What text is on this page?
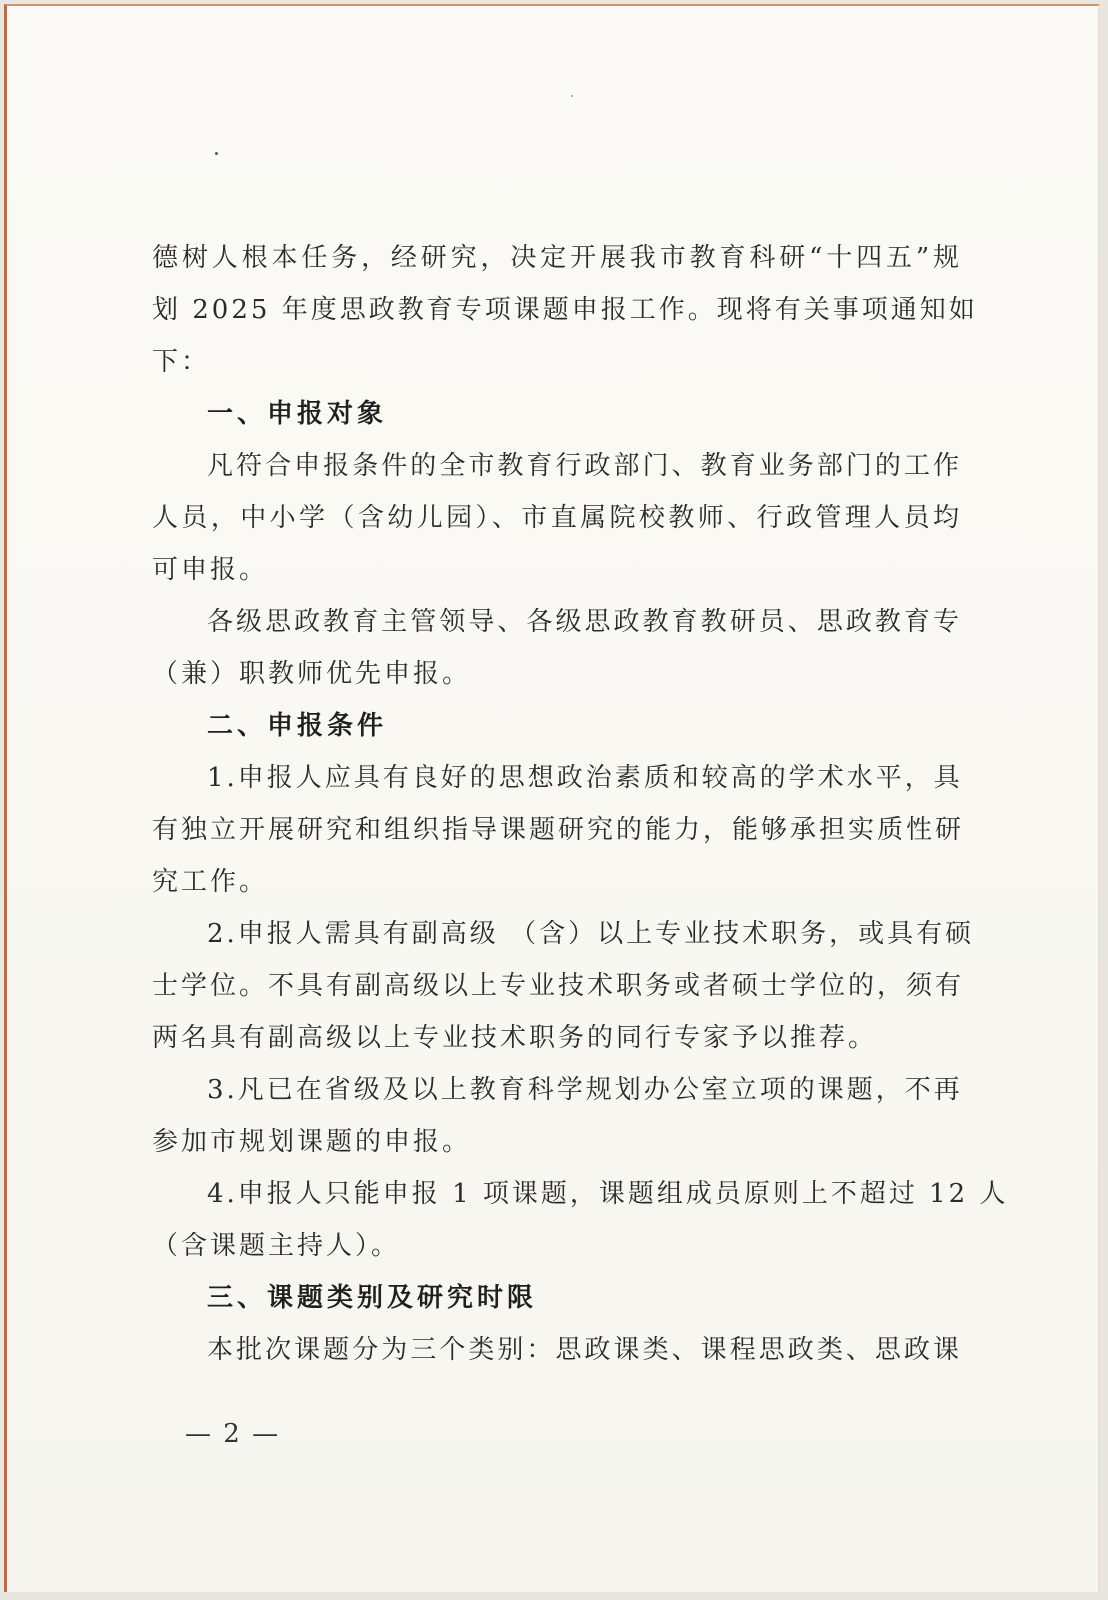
德树人根本任务，经研究，决定开展我市教育科研“十四五”规
划 2025 年度思政教育专项课题申报工作。现将有关事项通知如
下：
一、申报对象
凡符合申报条件的全市教育行政部门、教育业务部门的工作
人员，中小学（含幼儿园）、市直属院校教师、行政管理人员均
可申报。
各级思政教育主管领导、各级思政教育教研员、思政教育专
（兼）职教师优先申报。
二、申报条件
1.申报人应具有良好的思想政治素质和较高的学术水平，具
有独立开展研究和组织指导课题研究的能力，能够承担实质性研
究工作。
2.申报人需具有副高级 （含）以上专业技术职务，或具有硕
士学位。不具有副高级以上专业技术职务或者硕士学位的，须有
两名具有副高级以上专业技术职务的同行专家予以推荐。
3.凡已在省级及以上教育科学规划办公室立项的课题，不再
参加市规划课题的申报。
4.申报人只能申报 1 项课题，课题组成员原则上不超过 12 人
（含课题主持人）。
三、课题类别及研究时限
本批次课题分为三个类别：思政课类、课程思政类、思政课
— 2 —
